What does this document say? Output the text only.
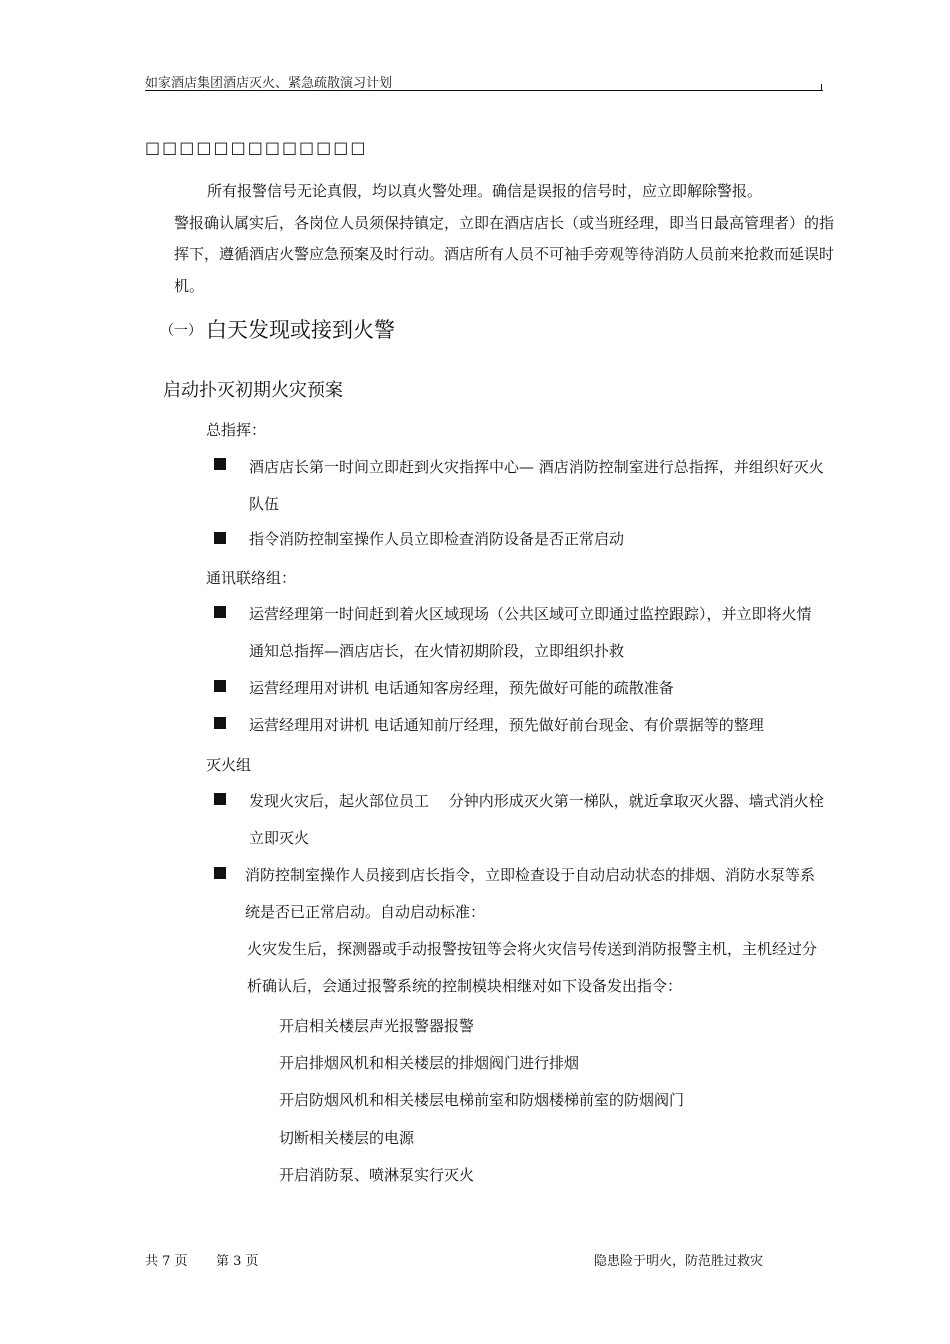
如家酒店集团酒店灭火、紧急疏散演习计划
□□□□□□□□□□□□□
所有报警信号无论真假，均以真火警处理。确信是误报的信号时，应立即解除警报。
警报确认属实后，各岗位人员须保持镇定，立即在酒店店长（或当班经理，即当日最高管理者）的指挥下，遵循酒店火警应急预案及时行动。酒店所有人员不可袖手旁观等待消防人员前来抢救而延误时机。
（一） 白天发现或接到火警
启动扑灭初期火灾预案
总指挥：
酒店店长第一时间立即赶到火灾指挥中心— 酒店消防控制室进行总指挥，并组织好灭火队伍
指令消防控制室操作人员立即检查消防设备是否正常启动
通讯联络组：
运营经理第一时间赶到着火区域现场（公共区域可立即通过监控跟踪），并立即将火情通知总指挥—酒店店长，在火情初期阶段，立即组织扑救
运营经理用对讲机 电话通知客房经理，预先做好可能的疏散准备
运营经理用对讲机 电话通知前厅经理，预先做好前台现金、有价票据等的整理
灭火组
发现火灾后，起火部位员工　 分钟内形成灭火第一梯队，就近拿取灭火器、墙式消火栓立即灭火
消防控制室操作人员接到店长指令，立即检查设于自动启动状态的排烟、消防水泵等系统是否已正常启动。自动启动标准：
火灾发生后，探测器或手动报警按钮等会将火灾信号传送到消防报警主机，主机经过分析确认后，会通过报警系统的控制模块相继对如下设备发出指令：
开启相关楼层声光报警器报警
开启排烟风机和相关楼层的排烟阀门进行排烟
开启防烟风机和相关楼层电梯前室和防烟楼梯前室的防烟阀门
切断相关楼层的电源
开启消防泵、喷淋泵实行灭火
共 7 页 第 3 页	隐患险于明火，防范胜过救灾
